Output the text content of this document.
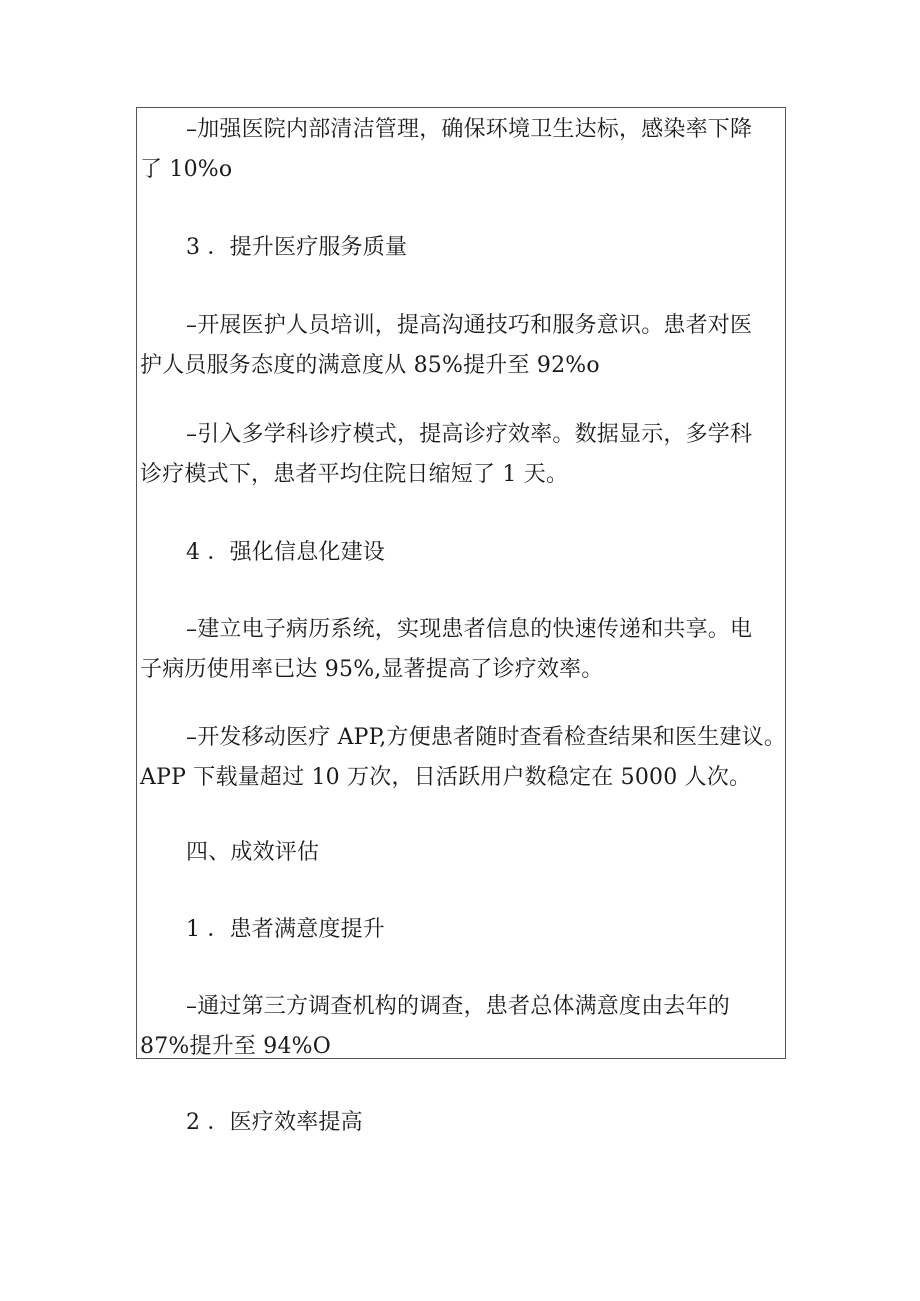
–加强医院内部清洁管理，确保环境卫生达标，感染率下降
了 10%o

3 ．提升医疗服务质量

–开展医护人员培训，提高沟通技巧和服务意识。患者对医
护人员服务态度的满意度从 85%提升至 92%o

–引入多学科诊疗模式，提高诊疗效率。数据显示，多学科
诊疗模式下，患者平均住院日缩短了 1 天。

4 ．强化信息化建设

–建立电子病历系统，实现患者信息的快速传递和共享。电
子病历使用率已达 95%,显著提高了诊疗效率。

–开发移动医疗 APP,方便患者随时查看检查结果和医生建议。
APP 下载量超过 10 万次，日活跃用户数稳定在 5000 人次。

四、成效评估

1 ．患者满意度提升

–通过第三方调查机构的调查，患者总体满意度由去年的
87%提升至 94%O

2 ．医疗效率提高
